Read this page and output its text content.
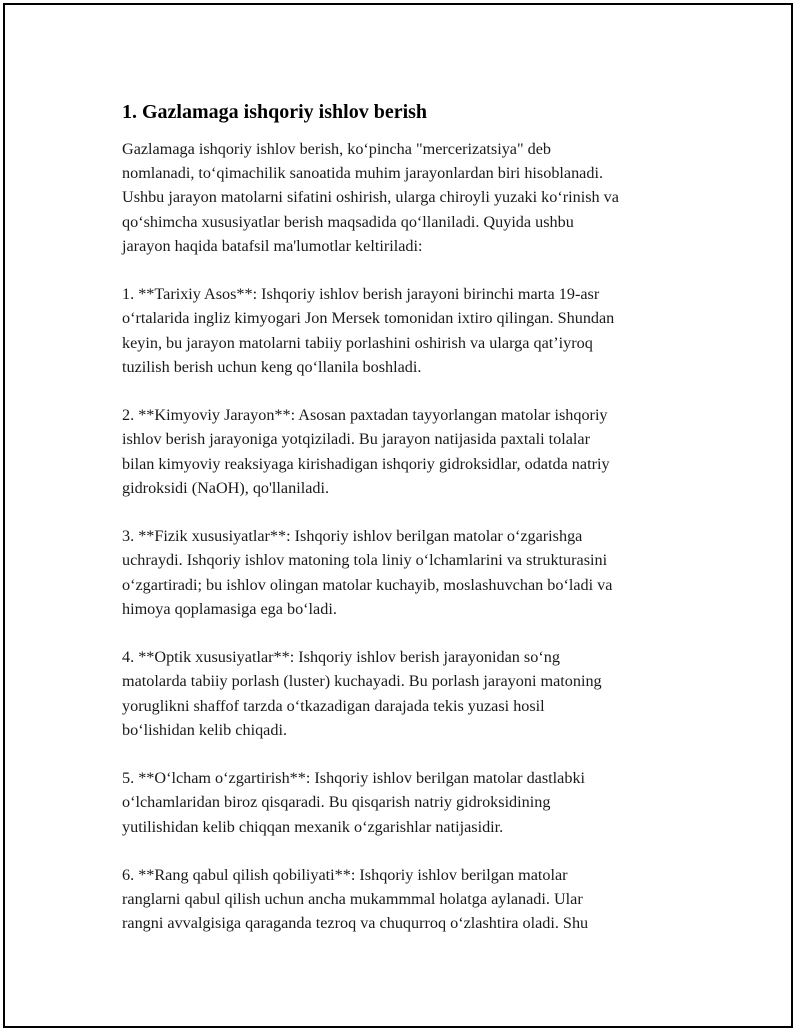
1. Gazlamaga ishqoriy ishlov berish

Gazlamaga ishqoriy ishlov berish, ko‘pincha "mercerizatsiya" deb
nomlanadi, to‘qimachilik sanoatida muhim jarayonlardan biri hisoblanadi.
Ushbu jarayon matolarni sifatini oshirish, ularga chiroyli yuzaki ko‘rinish va
qo‘shimcha xususiyatlar berish maqsadida qo‘llaniladi. Quyida ushbu
jarayon haqida batafsil ma'lumotlar keltiriladi:

1. **Tarixiy Asos**: Ishqoriy ishlov berish jarayoni birinchi marta 19-asr
o‘rtalarida ingliz kimyogari Jon Mersek tomonidan ixtiro qilingan. Shundan
keyin, bu jarayon matolarni tabiiy porlashini oshirish va ularga qat’iyroq
tuzilish berish uchun keng qo‘llanila boshladi.

2. **Kimyoviy Jarayon**: Asosan paxtadan tayyorlangan matolar ishqoriy
ishlov berish jarayoniga yotqiziladi. Bu jarayon natijasida paxtali tolalar
bilan kimyoviy reaksiyaga kirishadigan ishqoriy gidroksidlar, odatda natriy
gidroksidi (NaOH), qo'llaniladi.

3. **Fizik xususiyatlar**: Ishqoriy ishlov berilgan matolar o‘zgarishga
uchraydi. Ishqoriy ishlov matoning tola liniy o‘lchamlarini va strukturasini
o‘zgartiradi; bu ishlov olingan matolar kuchayib, moslashuvchan bo‘ladi va
himoya qoplamasiga ega bo‘ladi.

4. **Optik xususiyatlar**: Ishqoriy ishlov berish jarayonidan so‘ng
matolarda tabiiy porlash (luster) kuchayadi. Bu porlash jarayoni matoning
yoruglikni shaffof tarzda o‘tkazadigan darajada tekis yuzasi hosil
bo‘lishidan kelib chiqadi.

5. **O‘lcham o‘zgartirish**: Ishqoriy ishlov berilgan matolar dastlabki
o‘lchamlaridan biroz qisqaradi. Bu qisqarish natriy gidroksidining
yutilishidan kelib chiqqan mexanik o‘zgarishlar natijasidir.

6. **Rang qabul qilish qobiliyati**: Ishqoriy ishlov berilgan matolar
ranglarni qabul qilish uchun ancha mukammmal holatga aylanadi. Ular
rangni avvalgisiga qaraganda tezroq va chuqurroq o‘zlashtira oladi. Shu
